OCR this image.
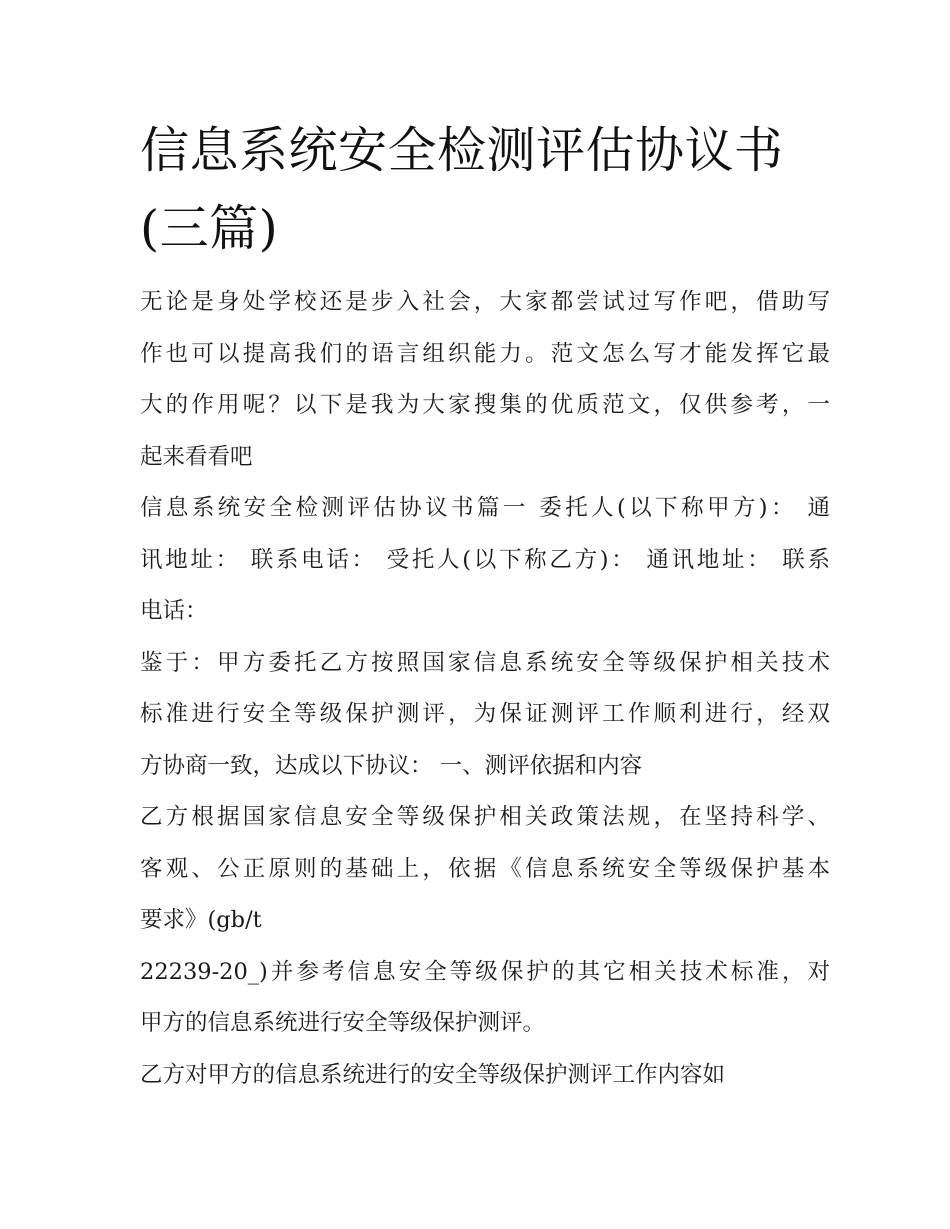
信息系统安全检测评估协议书
(三篇)
无论是身处学校还是步入社会，大家都尝试过写作吧，借助写
作也可以提高我们的语言组织能力。范文怎么写才能发挥它最
大的作用呢？以下是我为大家搜集的优质范文，仅供参考，一
起来看看吧
信息系统安全检测评估协议书篇一 委托人(以下称甲方)： 通
讯地址： 联系电话： 受托人(以下称乙方)： 通讯地址： 联系
电话：
鉴于：甲方委托乙方按照国家信息系统安全等级保护相关技术
标准进行安全等级保护测评，为保证测评工作顺利进行，经双
方协商一致，达成以下协议： 一、测评依据和内容
乙方根据国家信息安全等级保护相关政策法规，在坚持科学、
客观、公正原则的基础上，依据《信息系统安全等级保护基本
要求》(gb/t
22239-20_)并参考信息安全等级保护的其它相关技术标准，对
甲方的信息系统进行安全等级保护测评。
乙方对甲方的信息系统进行的安全等级保护测评工作内容如
